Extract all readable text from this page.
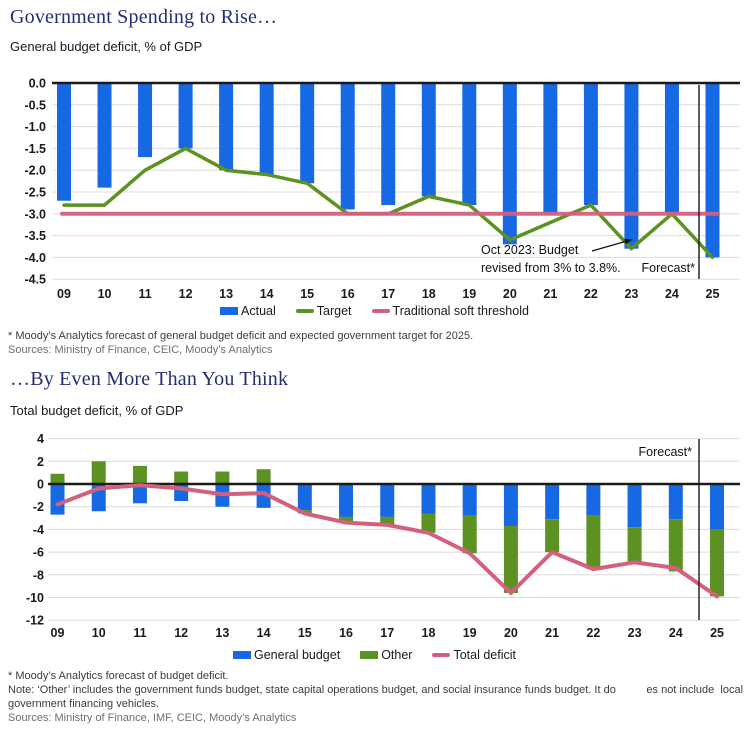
Government Spending to Rise…
General budget deficit, % of GDP
0.0
-0.5
-1.0
-1.5
-2.0
-2.5
-3.0
-3.5
-4.0
-4.5
09 10 11 12 13 14 15 16 17 18 19 20 21 22 23 24 25
Forecast*
Oct 2023: Budget
revised from 3% to 3.8%.
Actual	Target	Traditional soft threshold
* Moody’s Analytics forecast of general budget deficit and expected government target for 2025.
Sources: Ministry of Finance, CEIC, Moody’s Analytics
…By Even More Than You Think
Total budget deficit, % of GDP
4
2
0
-2
-4
-6
-8
-10
-12
09 10 11 12 13 14 15 16 17 18 19 20 21 22 23 24 25
Forecast*
General budget	Other	Total deficit
* Moody’s Analytics forecast of budget deficit.
Note: ‘Other’ includes the government funds budget, state capital operations budget, and social insurance funds budget. It do          es not include  local
government financing vehicles.
Sources: Ministry of Finance, IMF, CEIC, Moody’s Analytics
